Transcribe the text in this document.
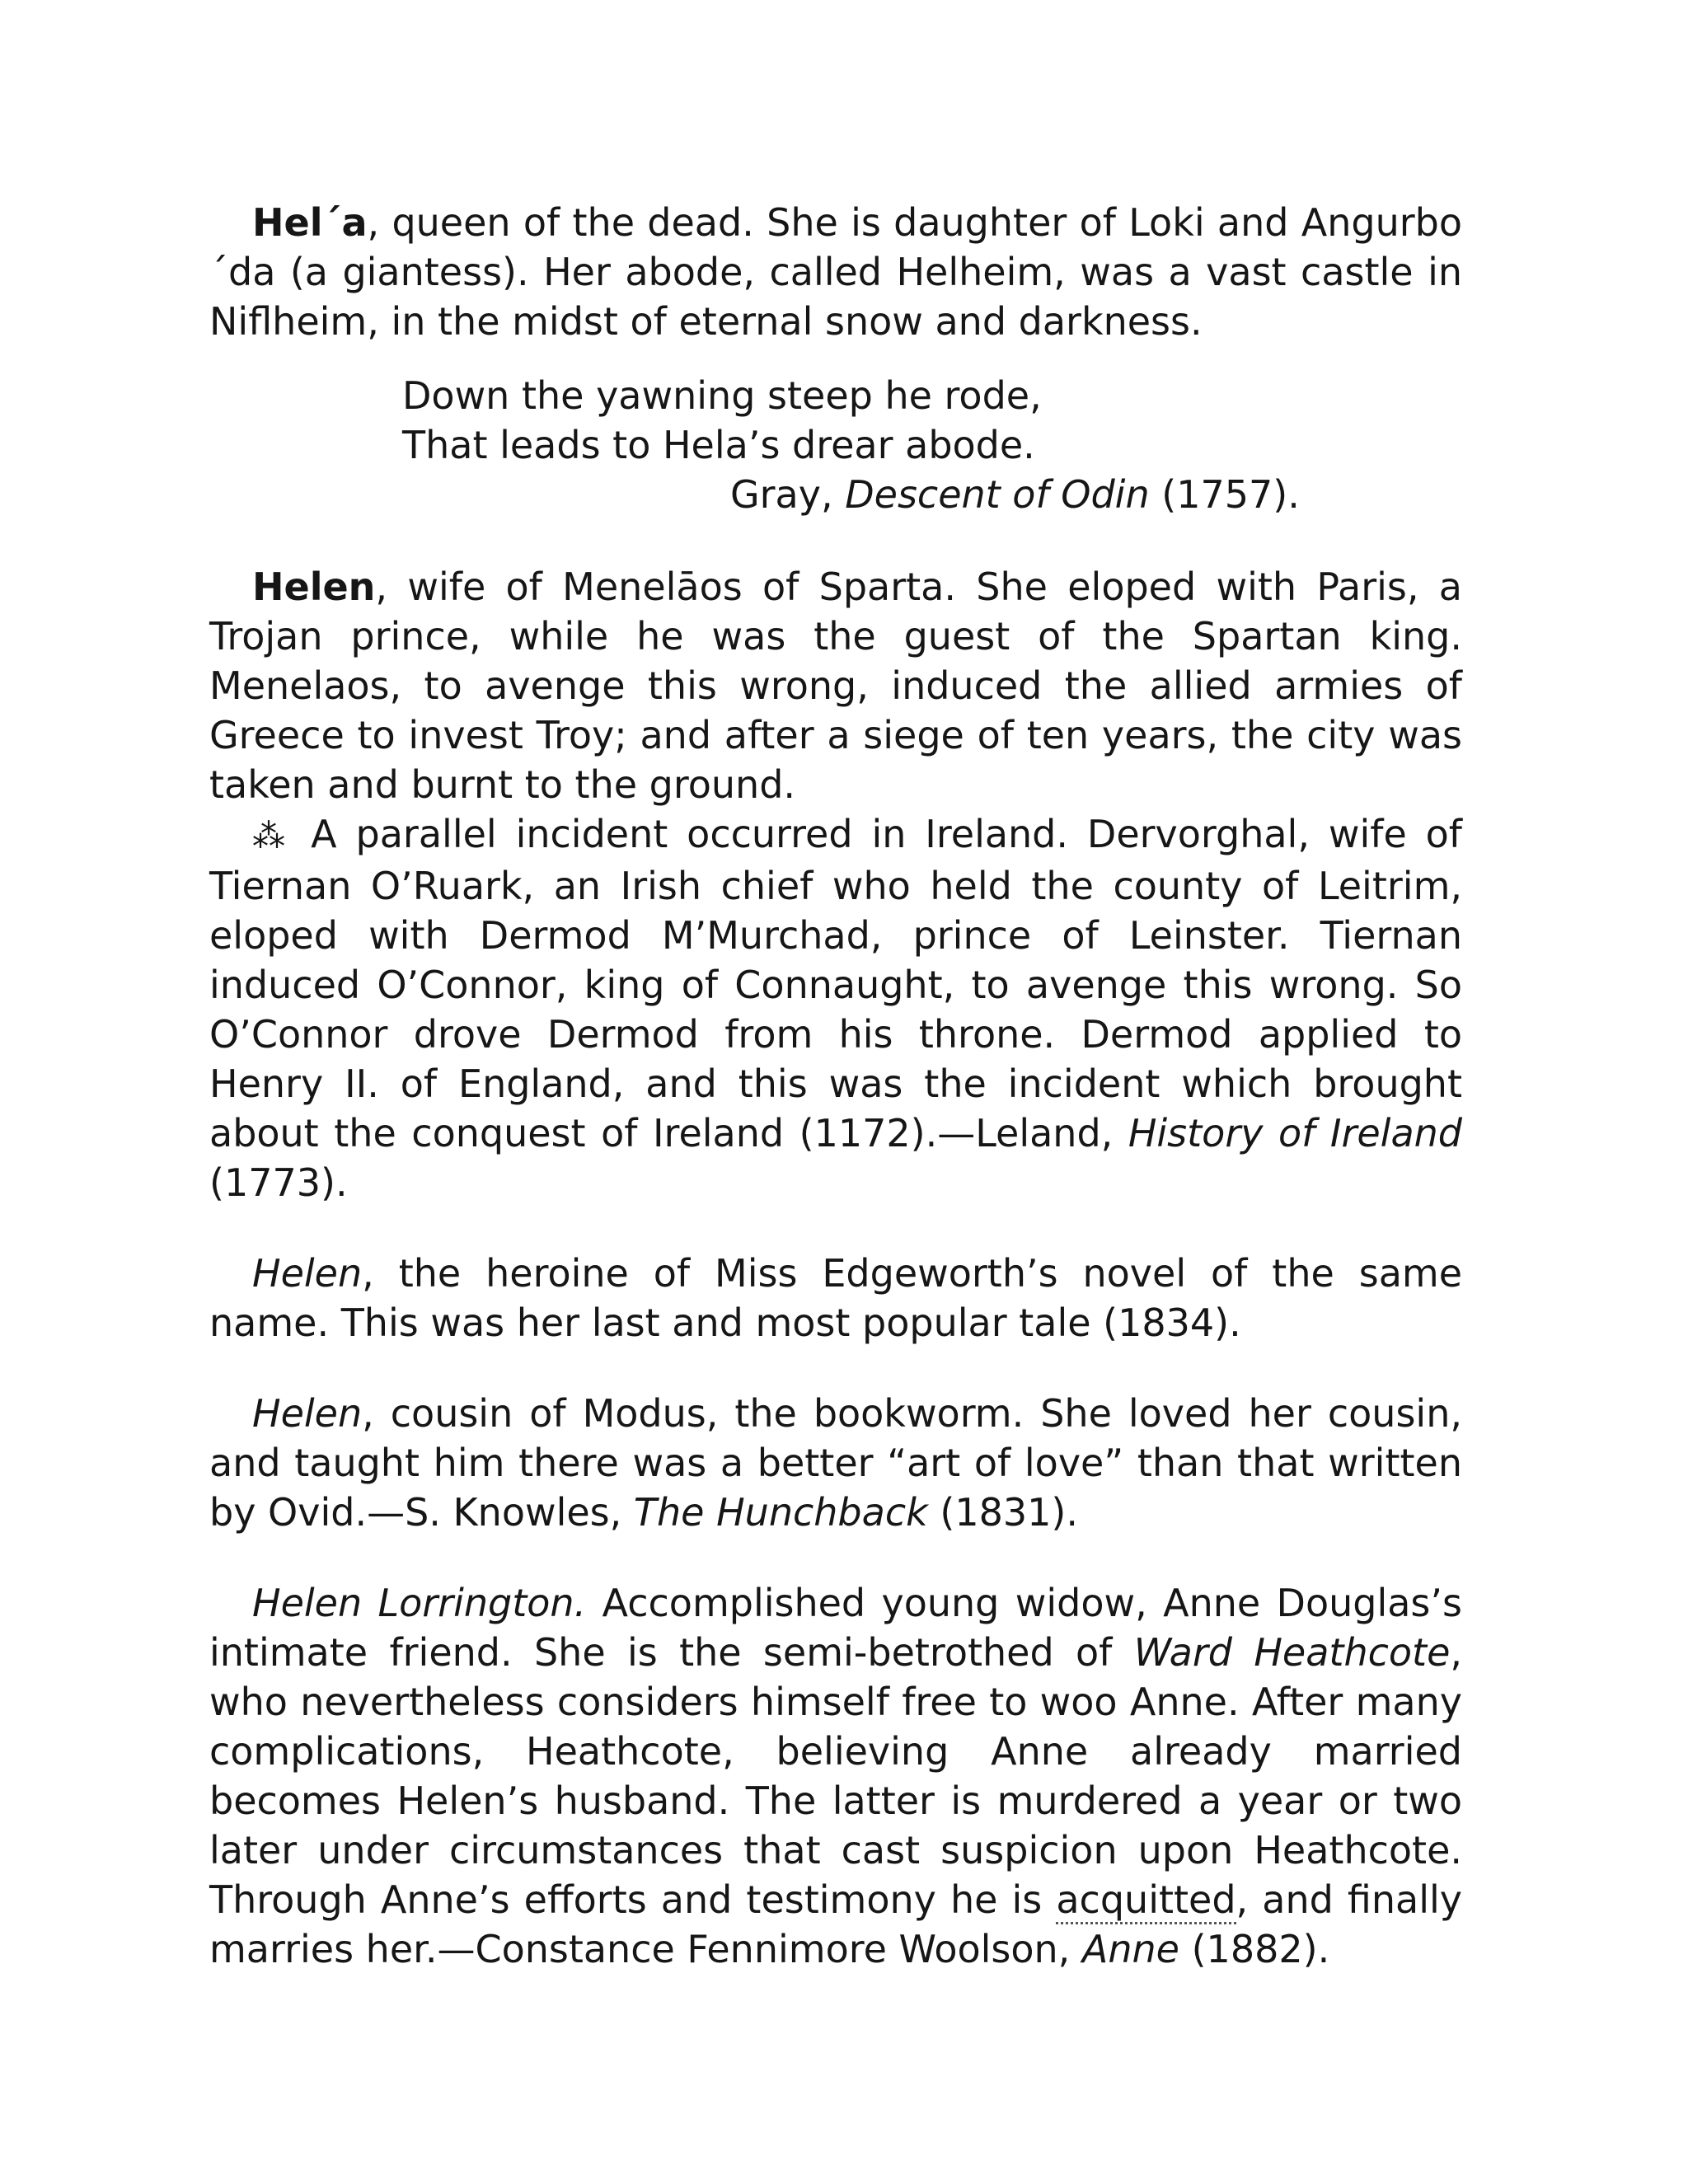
Hel´a, queen of the dead. She is daughter of Loki and Angurbo´da (a giantess). Her abode, called Helheim, was a vast castle in Niflheim, in the midst of eternal snow and darkness.

Down the yawning steep he rode,
That leads to Hela’s drear abode.
Gray, Descent of Odin (1757).

Helen, wife of Menelāos of Sparta. She eloped with Paris, a Trojan prince, while he was the guest of the Spartan king. Menelaos, to avenge this wrong, induced the allied armies of Greece to invest Troy; and after a siege of ten years, the city was taken and burnt to the ground.

⁂ A parallel incident occurred in Ireland. Dervorghal, wife of Tiernan O’Ruark, an Irish chief who held the county of Leitrim, eloped with Dermod M’Murchad, prince of Leinster. Tiernan induced O’Connor, king of Connaught, to avenge this wrong. So O’Connor drove Dermod from his throne. Dermod applied to Henry II. of England, and this was the incident which brought about the conquest of Ireland (1172).—Leland, History of Ireland (1773).

Helen, the heroine of Miss Edgeworth’s novel of the same name. This was her last and most popular tale (1834).

Helen, cousin of Modus, the bookworm. She loved her cousin, and taught him there was a better “art of love” than that written by Ovid.—S. Knowles, The Hunchback (1831).

Helen Lorrington. Accomplished young widow, Anne Douglas’s intimate friend. She is the semi-betrothed of Ward Heathcote, who nevertheless considers himself free to woo Anne. After many complications, Heathcote, believing Anne already married becomes Helen’s husband. The latter is murdered a year or two later under circumstances that cast suspicion upon Heathcote. Through Anne’s efforts and testimony he is acquitted, and finally marries her.—Constance Fennimore Woolson, Anne (1882).
